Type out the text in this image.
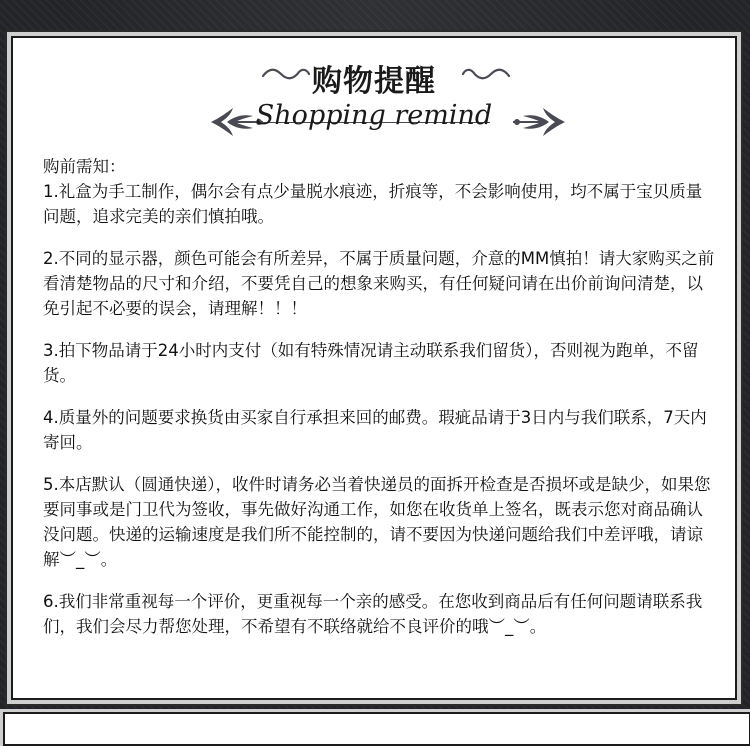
购物提醒
Shopping remind

购前需知：

1.礼盒为手工制作，偶尔会有点少量脱水痕迹，折痕等，不会影响使用，均不属于宝贝质量问题，追求完美的亲们慎拍哦。

2.不同的显示器，颜色可能会有所差异，不属于质量问题，介意的MM慎拍！请大家购买之前看清楚物品的尺寸和介绍，不要凭自己的想象来购买，有任何疑问请在出价前询问清楚，以免引起不必要的误会，请理解！！！

3.拍下物品请于24小时内支付（如有特殊情况请主动联系我们留货），否则视为跑单，不留货。

4.质量外的问题要求换货由买家自行承担来回的邮费。瑕疵品请于3日内与我们联系，7天内寄回。

5.本店默认（圆通快递），收件时请务必当着快递员的面拆开检查是否损坏或是缺少，如果您要同事或是门卫代为签收，事先做好沟通工作，如您在收货单上签名，既表示您对商品确认没问题。快递的运输速度是我们所不能控制的，请不要因为快递问题给我们中差评哦，请谅解︶_︶。

6.我们非常重视每一个评价，更重视每一个亲的感受。在您收到商品后有任何问题请联系我们，我们会尽力帮您处理，不希望有不联络就给不良评价的哦︶_︶。
